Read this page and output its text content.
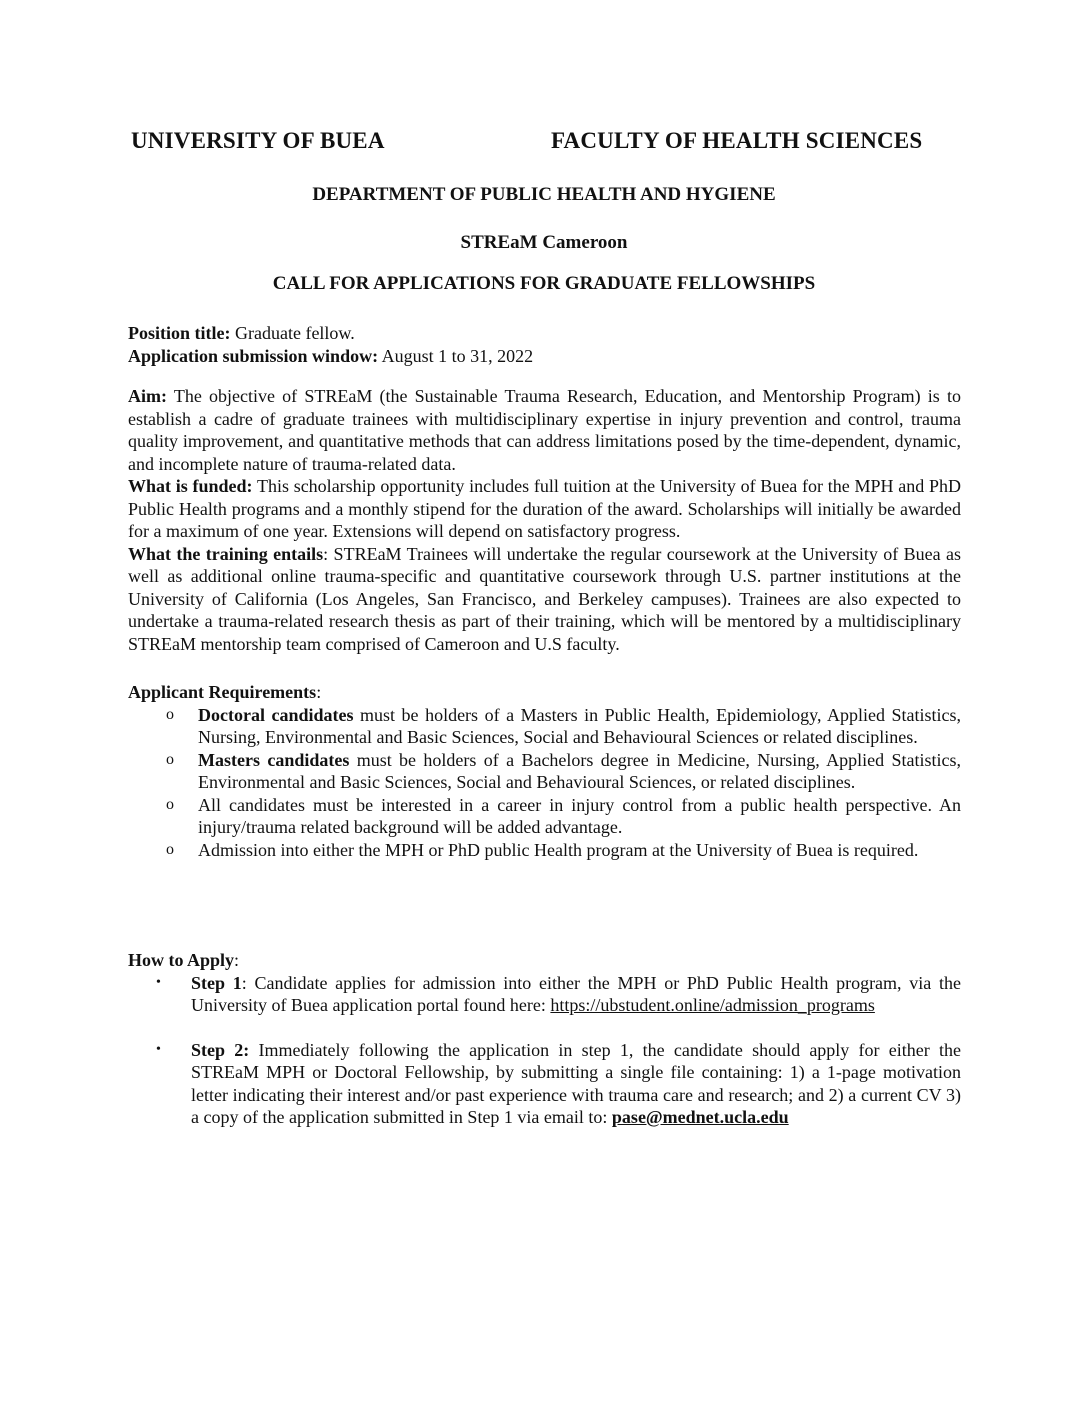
UNIVERSITY OF BUEA	FACULTY OF HEALTH SCIENCES
DEPARTMENT OF PUBLIC HEALTH AND HYGIENE
STREaM Cameroon
CALL FOR APPLICATIONS FOR GRADUATE FELLOWSHIPS

Position title: Graduate fellow.

Application submission window: August 1 to 31, 2022

Aim: The objective of STREaM (the Sustainable Trauma Research, Education, and Mentorship Program) is to establish a cadre of graduate trainees with multidisciplinary expertise in injury prevention and control, trauma quality improvement, and quantitative methods that can address limitations posed by the time-dependent, dynamic, and incomplete nature of trauma-related data.

What is funded: This scholarship opportunity includes full tuition at the University of Buea for the MPH and PhD Public Health programs and a monthly stipend for the duration of the award. Scholarships will initially be awarded for a maximum of one year. Extensions will depend on satisfactory progress.

What the training entails: STREaM Trainees will undertake the regular coursework at the University of Buea as well as additional online trauma-specific and quantitative coursework through U.S. partner institutions at the University of California (Los Angeles, San Francisco, and Berkeley campuses). Trainees are also expected to undertake a trauma-related research thesis as part of their training, which will be mentored by a multidisciplinary STREaM mentorship team comprised of Cameroon and U.S faculty.

Applicant Requirements:

o Doctoral candidates must be holders of a Masters in Public Health, Epidemiology, Applied Statistics, Nursing, Environmental and Basic Sciences, Social and Behavioural Sciences or related disciplines.
o Masters candidates must be holders of a Bachelors degree in Medicine, Nursing, Applied Statistics, Environmental and Basic Sciences, Social and Behavioural Sciences, or related disciplines.
o All candidates must be interested in a career in injury control from a public health perspective. An injury/trauma related background will be added advantage.
o Admission into either the MPH or PhD public Health program at the University of Buea is required.

How to Apply:

• Step 1: Candidate applies for admission into either the MPH or PhD Public Health program, via the University of Buea application portal found here: https://ubstudent.online/admission_programs
• Step 2: Immediately following the application in step 1, the candidate should apply for either the STREaM MPH or Doctoral Fellowship, by submitting a single file containing: 1) a 1-page motivation letter indicating their interest and/or past experience with trauma care and research; and 2) a current CV 3) a copy of the application submitted in Step 1 via email to: pase@mednet.ucla.edu
